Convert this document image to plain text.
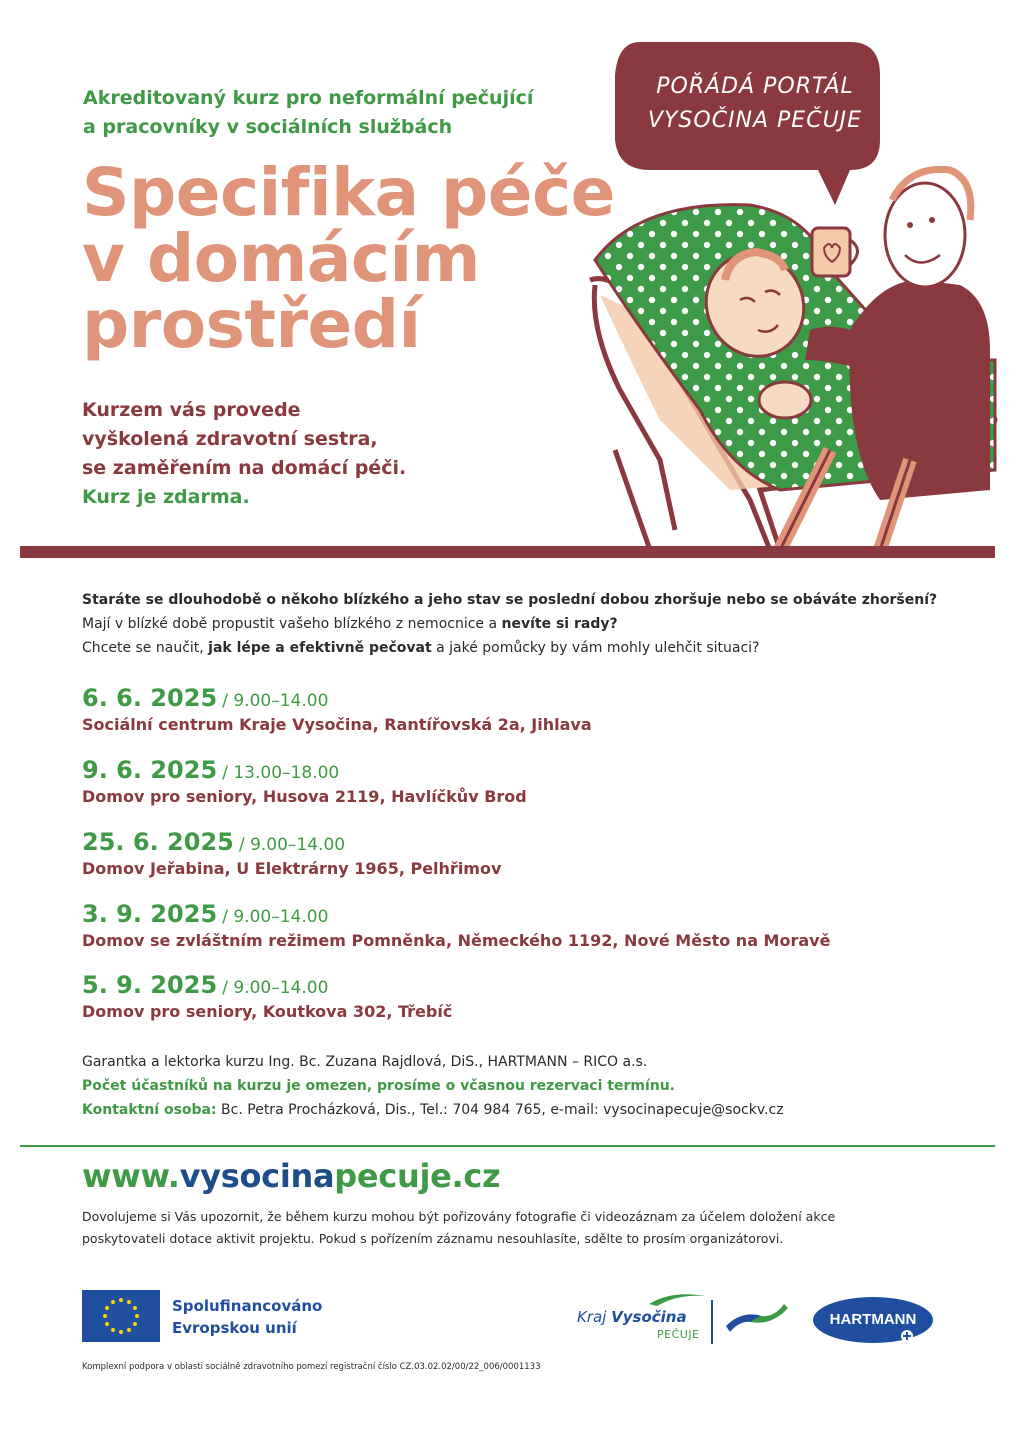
Akreditovaný kurz pro neformální pečující
a pracovníky v sociálních službách
Specifika péče
v domácím
prostředí
Kurzem vás provede
vyškolená zdravotní sestra,
se zaměřením na domácí péči.
Kurz je zdarma.
POŘÁDÁ PORTÁL
VYSOČINA PEČUJE
Staráte se dlouhodobě o někoho blízkého a jeho stav se poslední dobou zhoršuje nebo se obáváte zhoršení?
Mají v blízké době propustit vašeho blízkého z nemocnice a nevíte si rady?
Chcete se naučit, jak lépe a efektivně pečovat a jaké pomůcky by vám mohly ulehčit situaci?
6. 6. 2025 / 9.00–14.00
Sociální centrum Kraje Vysočina, Rantířovská 2a, Jihlava
9. 6. 2025 / 13.00–18.00
Domov pro seniory, Husova 2119, Havlíčkův Brod
25. 6. 2025 / 9.00–14.00
Domov Jeřabina, U Elektrárny 1965, Pelhřimov
3. 9. 2025 / 9.00–14.00
Domov se zvláštním režimem Pomněnka, Německého 1192, Nové Město na Moravě
5. 9. 2025 / 9.00–14.00
Domov pro seniory, Koutkova 302, Třebíč
Garantka a lektorka kurzu Ing. Bc. Zuzana Rajdlová, DiS., HARTMANN – RICO a.s.
Počet účastníků na kurzu je omezen, prosíme o včasnou rezervaci termínu.
Kontaktní osoba: Bc. Petra Procházková, Dis., Tel.: 704 984 765, e-mail: vysocinapecuje@sockv.cz
www.vysocinapecuje.cz
Dovolujeme si Vás upozornit, že během kurzu mohou být pořizovány fotografie či videozáznam za účelem doložení akce
poskytovateli dotace aktivit projektu. Pokud s pořízením záznamu nesouhlasíte, sdělte to prosím organizátorovi.
Spolufinancováno
Evropskou unií
Kraj Vysočina
PEČUJE
HARTMANN
Komplexní podpora v oblasti sociálně zdravotního pomezí registrační číslo CZ.03.02.02/00/22_006/0001133
